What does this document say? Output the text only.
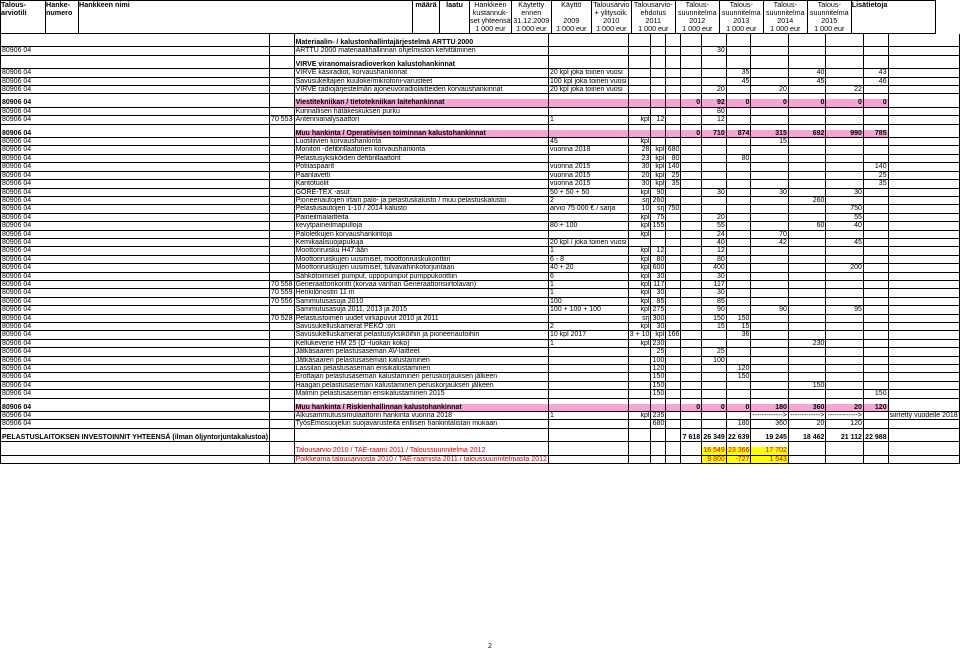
Talous-	Hanke-	Hankkeen nimi	määrä	laatu	Hankkeen	Käytetty	Käyttö	Talousarvio	Talousarvio-	Talous-	Talous-	Talous-	Talous-	Lisätietoja
arviotili	numero				kustannuk-	ennen		+ ylitysoik.	ehdotus	suunnitelma	suunnitelma	suunnitelma	suunnitelma	
					set yhteensä	31.12.2009	2009	2010	2011	2012	2013	2014	2015	
					1 000 eur	1 000 eur	1 000 eur	1 000 eur	1 000 eur	1 000 eur	1 000 eur	1 000 eur	1 000 eur	

		Materiaalin- / kalustonhallintajärjestelmä ARTTU 2000												
80906 04		ARTTU 2000 materiaalihallinnan ohjelmiston kehittäminen						30						

		VIRVE viranomaisradioverkon kalustohankinnat												
80906 04		VIRVE käsiradiot, korvaushankinnat	20 kpl joka toinen vuosi						35		40		43	
80906 04		Savusukeltajien kuuloke/mikrofoni-varusteet	100 kpl joka toinen vuosi						45		45		46	
80906 04		VIRVE radiojärjestelmän ajoneuvoradiolaitteiden korvaushankinnat	20 kpl joka toinen vuosi					20		20		22		

80906 04		Viestitekniikan / tietotekniikan laitehankinnat					0	92	0	0	0	0	0	
80906 04		Kunnallisen hätäkeskuksen purku						80						
80906 04	70 553	Antennianalysaattori	1	kpl	12			12						

80906 04		Muu hankinta / Operatiivisen toiminnan kalustohankinnat					0	710	874	315	692	990	785	
80906 04		Luotiliivien korvaushankinta	45	kpl						15				
80906 04		Monitori -defibrillaatorien korvaushankinta	vuonna 2018	28	kpl	680								
80906 04		Pelastusyksiköiden defibrillaattorit		23	kpl	80			80					
80906 04		Potilaspaarit	vuonna 2015	30	kpl	140							140	
80906 04		Paarilavetti	vuonna 2015	20	kpl	25							25	
80906 04		Kantotuolit	vuonna 2015	30	kpl	35							35	
80906 04		GORE-TEX -asut	50 + 50 + 50	kpl	90			30		30		30		
80906 04		Pioneeriautojen irtain palo- ja pelastuskalusto / muu pelastuskalusto	2	srj	260						260			
80906 04		Pelastusautojen 1-10 / 2014 kalusto	arvio 75 000 € / sarja	10	srj	750						750		
80906 04		Paineilmalaitteita		kpl	75			20				55		
80906 04		kevytpaineilmapulloja	80 + 100	kpl	155			55			60	40		
80906 04		Paloletkujen korvaushankintoja		kpl				24		70				
80906 04		Kemikaalisuojapukuja	20 kpl / joka toinen vuosi					40		42		45		
80906 04		Moottoriruisku H47:ään	1	kpl	12			12						
80906 04		Moottoriruiskujen uusimiset, moottoriruiskukonttiin	6 - 8	kpl	80			80						
80906 04		Moottoriruiskujen uusimiset, tulvavahinkotorjuntaan	40 + 20	kpl	600			400				200		
80906 04		Sähkötoimiset pumput, uppopumput pumppukonttiin	6	kpl	30			30						
80906 04	70 558	Generaattorikontti (korvaa vanhan Generaattorisiirtolavan)	1	kpl	117			117						
80906 04	70 559	Henkilönostin 11 m	1	kpl	30			30						
80906 04	70 556	Sammutusasuja 2010	100	kpl	85			85						
80906 04		Sammutusasuja 2011, 2013 ja 2015	100 + 100 + 100	kpl	275			90		90		95		
80906 04	70 528	Pelastustoimen uudet virkapuvut 2010 ja 2011		srj	300			150	150					
80906 04		Savusukelluskamerat PEKO :on	2	kpl	30			15	15					
80906 04		Savusukelluskamerat pelastusyksiköihin ja pioneeriautoihin	10 kpl 2017	3 + 10	kpl	166			36					
80906 04		Kellukevene HM 25 (D -luokan koko)	1	kpl	230						230			
80906 04		Jätkäsaaren pelastusaseman AV-laitteet			25			25						
80906 04		Jätkäsaaren pelastusaseman kalustaminen			100			100						
80906 04		Lassilan pelastusaseman ensikalustaminen			120				120					
80906 04		Erottajan pelastusaseman kalustaminen peruskorjauksen jälkeen			150				150					
80906 04		Haagan pelastusaseman kalustaminen peruskorjauksen jälkeen			150						150			
80906 04		Malmin pelastusaseman ensikalustaminen 2015			150								150	

80906 04		Muu hankinta / Riskienhallinnan kalustohankinnat					0	0	0	180	360	20	120	
80906 04		Alkusammutussimulaattorin hankinta vuonna 2018	1	kpl	235					------------->	------------->	------------->		siirretty vuodelle 2018
80906 04		TyösEmosuojelun suojavarusteita erillisen hankintalistan mukaan			680				180	360	20	120		

PELASTUSLAITOKSEN INVESTOINNIT YHTEENSÄ (ilman öljyntorjuntakalustoa)							7 618	26 349	22 639	19 245	18 462	21 112	22 988	

		Talousarvio 2010 / TAE-raami 2011 / Taloussuunnitelma 2012						16 549	23 366	17 702				
		Poikkeama talousarviosta 2010 / TAE-raamista 2011 / taloussuunnitelmasta 2012						9 800	-727	1 543				
2
